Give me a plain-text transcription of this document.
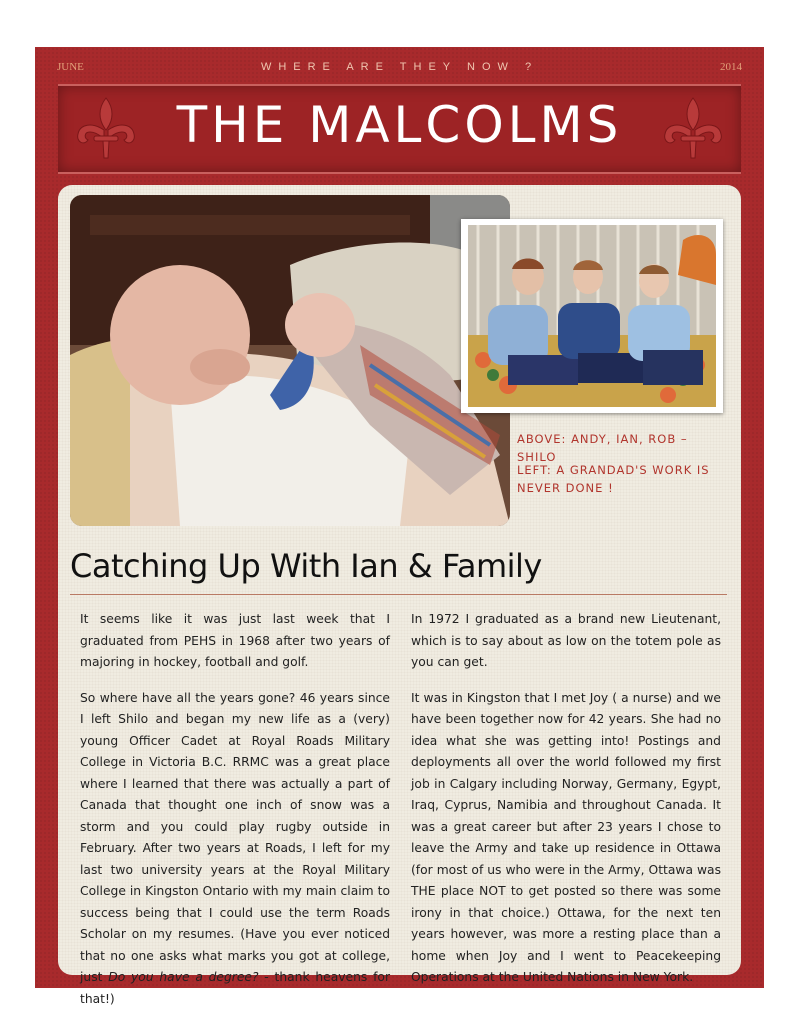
JUNE	WHERE ARE THEY NOW ?	2014
THE MALCOLMS
ABOVE: ANDY, IAN, ROB – SHILO
LEFT: A GRANDAD'S WORK IS NEVER DONE !
Catching Up With Ian & Family

It seems like it was just last week that I graduated from PEHS in 1968 after two years of majoring in hockey, football and golf.

So where have all the years gone? 46 years since I left Shilo and began my new life as a (very) young Officer Cadet at Royal Roads Military College in Victoria B.C. RRMC was a great place where I learned that there was actually a part of Canada that thought one inch of snow was a storm and you could play rugby outside in February. After two years at Roads, I left for my last two university years at the Royal Military College in Kingston Ontario with my main claim to success being that I could use the term Roads Scholar on my resumes. (Have you ever noticed that no one asks what marks you got at college, just Do you have a degree? - thank heavens for that!)

In 1972 I graduated as a brand new Lieutenant, which is to say about as low on the totem pole as you can get.

It was in Kingston that I met Joy ( a nurse) and we have been together now for 42 years. She had no idea what she was getting into! Postings and deployments all over the world followed my first job in Calgary including Norway, Germany, Egypt, Iraq, Cyprus, Namibia and throughout Canada. It was a great career but after 23 years I chose to leave the Army and take up residence in Ottawa (for most of us who were in the Army, Ottawa was THE place NOT to get posted so there was some irony in that choice.) Ottawa, for the next ten years however, was more a resting place than a home when Joy and I went to Peacekeeping Operations at the United Nations in New York.
